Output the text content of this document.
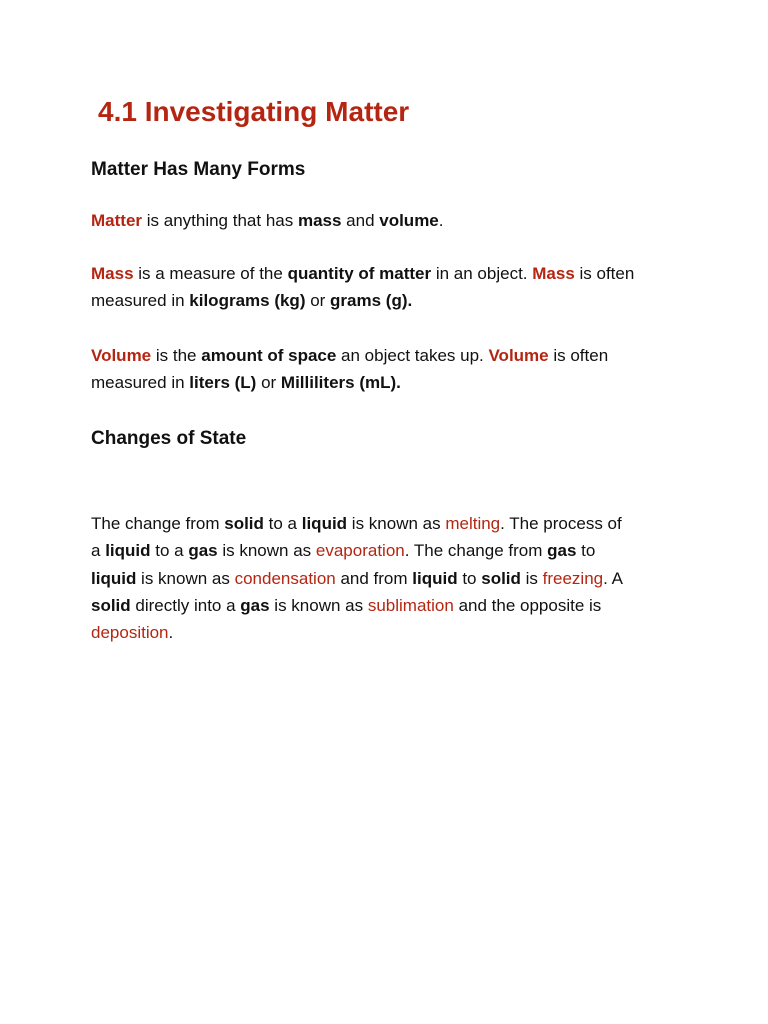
4.1 Investigating Matter
Matter Has Many Forms

Matter is anything that has mass and volume.

Mass is a measure of the quantity of matter in an object. Mass is often
measured in kilograms (kg) or grams (g).

Volume is the amount of space an object takes up. Volume is often
measured in liters (L) or Milliliters (mL).

Changes of State

The change from solid to a liquid is known as melting. The process of
a liquid to a gas is known as evaporation. The change from gas to
liquid is known as condensation and from liquid to solid is freezing. A
solid directly into a gas is known as sublimation and the opposite is
deposition.
